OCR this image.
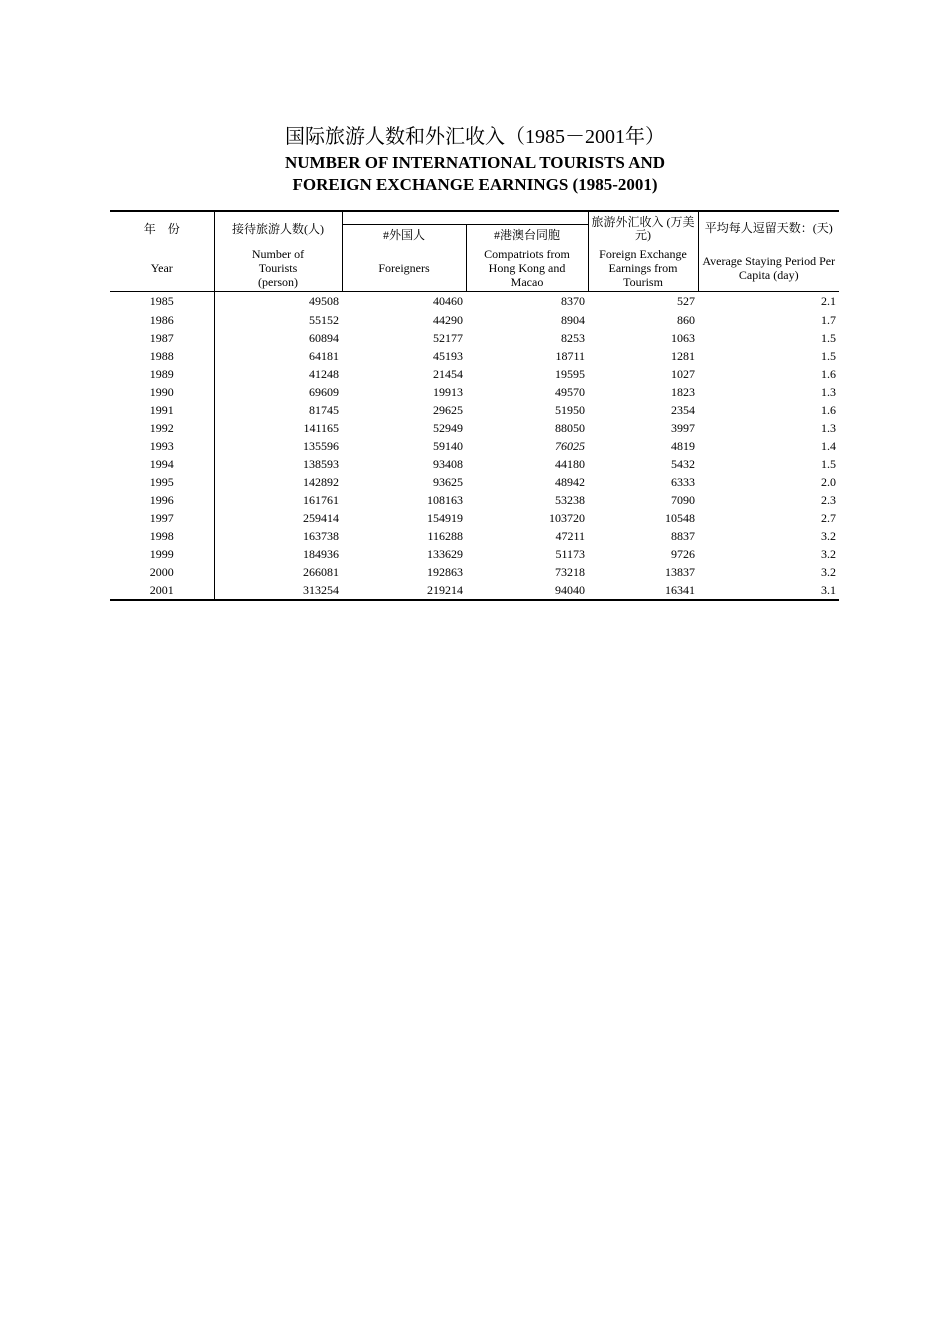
国际旅游人数和外汇收入（1985－2001年）
NUMBER OF INTERNATIONAL TOURISTS AND
FOREIGN EXCHANGE EARNINGS (1985-2001)
年　份	接待旅游人数(人)			旅游外汇收入 (万美元)	平均每人逗留天数：(天)
		#外国人	#港澳台同胞		
Year	Number of Tourists (person)	Foreigners	Compatriots from Hong Kong and Macao	Foreign Exchange Earnings from Tourism	Average Staying Period Per Capita (day)
1985	49508	40460	8370	527	2.1
1986	55152	44290	8904	860	1.7
1987	60894	52177	8253	1063	1.5
1988	64181	45193	18711	1281	1.5
1989	41248	21454	19595	1027	1.6
1990	69609	19913	49570	1823	1.3
1991	81745	29625	51950	2354	1.6
1992	141165	52949	88050	3997	1.3
1993	135596	59140	76025	4819	1.4
1994	138593	93408	44180	5432	1.5
1995	142892	93625	48942	6333	2.0
1996	161761	108163	53238	7090	2.3
1997	259414	154919	103720	10548	2.7
1998	163738	116288	47211	8837	3.2
1999	184936	133629	51173	9726	3.2
2000	266081	192863	73218	13837	3.2
2001	313254	219214	94040	16341	3.1
